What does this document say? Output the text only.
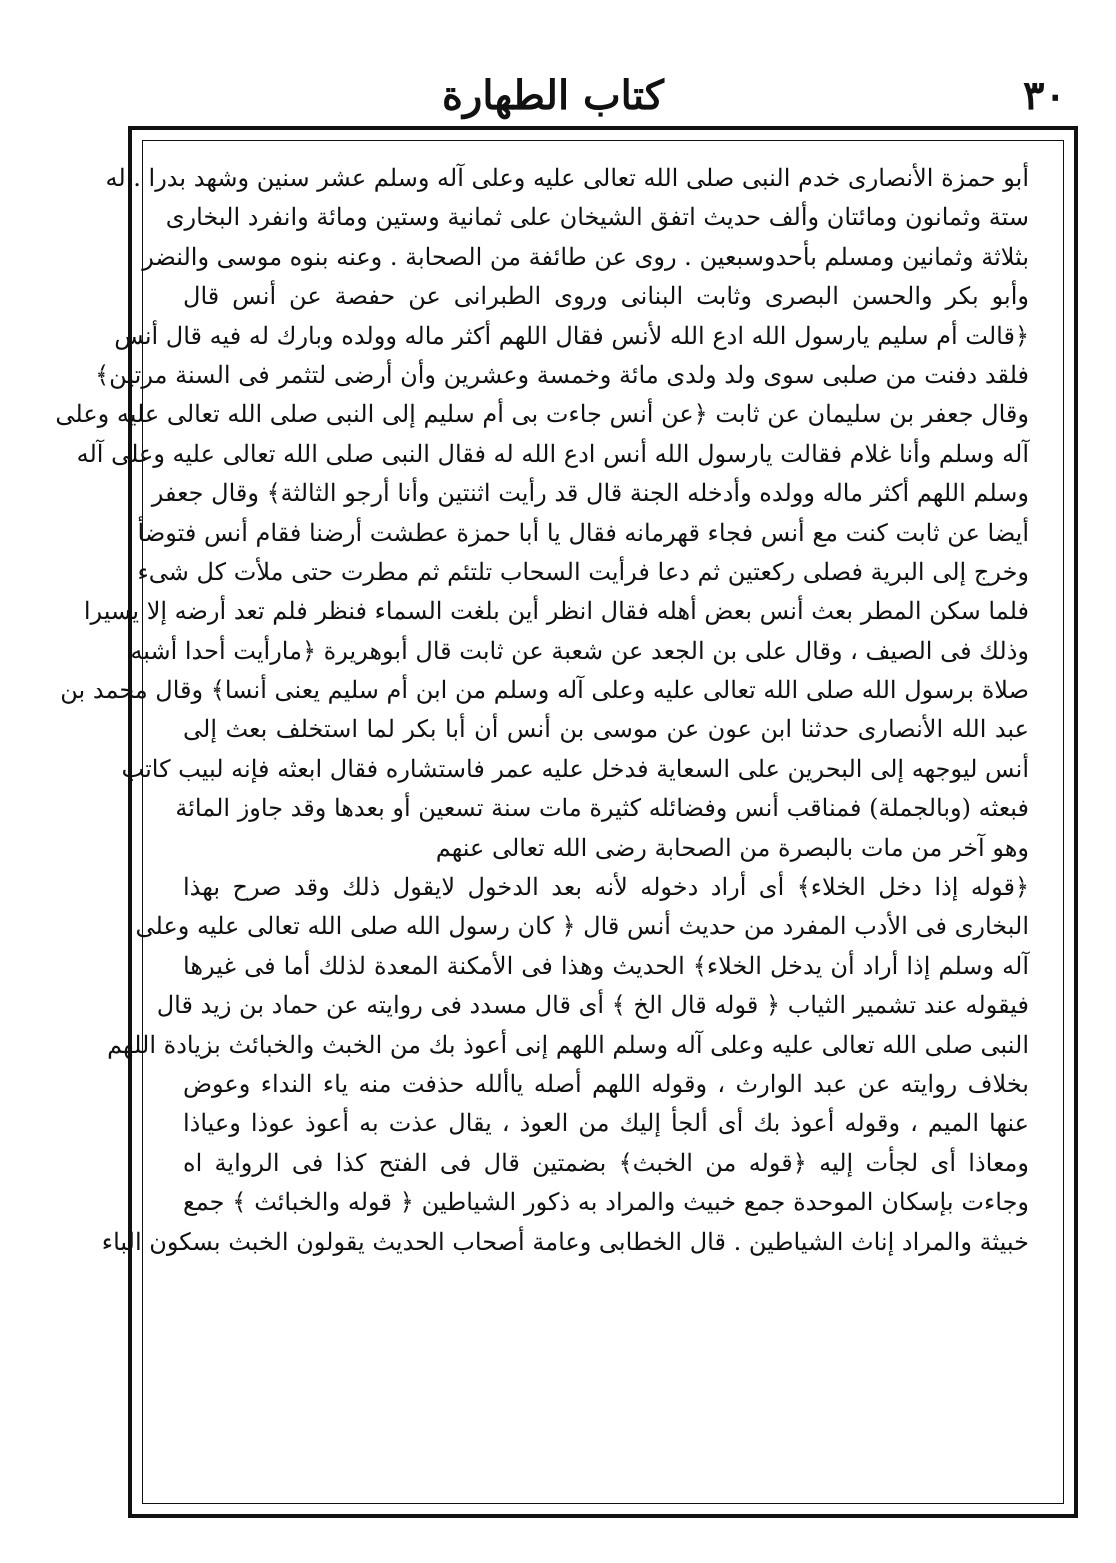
٣٠
كتاب الطهارة
أبو حمزة الأنصارى خدم النبى صلى الله تعالى عليه وعلى آله وسلم عشر سنين وشهد بدرا . له
ستة وثمانون ومائتان وألف حديث اتفق الشيخان على ثمانية وستين ومائة وانفرد البخارى
بثلاثة وثمانين ومسلم بأحدوسبعين . روى عن طائفة من الصحابة . وعنه بنوه موسى والنضر
وأبو بكر والحسن البصرى وثابت البنانى وروى الطبرانى عن حفصة عن أنس قال
﴿قالت أم سليم يارسول الله ادع الله لأنس فقال اللهم أكثر ماله وولده وبارك له فيه قال أنس
فلقد دفنت من صلبى سوى ولد ولدى مائة وخمسة وعشرين وأن أرضى لتثمر فى السنة مرتين﴾
وقال جعفر بن سليمان عن ثابت ﴿عن أنس جاءت بى أم سليم إلى النبى صلى الله تعالى عليه وعلى
آله وسلم وأنا غلام فقالت يارسول الله أنس ادع الله له فقال النبى صلى الله تعالى عليه وعلى آله
وسلم اللهم أكثر ماله وولده وأدخله الجنة قال قد رأيت اثنتين وأنا أرجو الثالثة﴾ وقال جعفر
أيضا عن ثابت كنت مع أنس فجاء قهرمانه فقال يا أبا حمزة عطشت أرضنا فقام أنس فتوضأ
وخرج إلى البرية فصلى ركعتين ثم دعا فرأيت السحاب تلتئم ثم مطرت حتى ملأت كل شىء
فلما سكن المطر بعث أنس بعض أهله فقال انظر أين بلغت السماء فنظر فلم تعد أرضه إلا يسيرا
وذلك فى الصيف ، وقال على بن الجعد عن شعبة عن ثابت قال أبوهريرة ﴿مارأيت أحدا أشبه
صلاة برسول الله صلى الله تعالى عليه وعلى آله وسلم من ابن أم سليم يعنى أنسا﴾ وقال محمد بن
عبد الله الأنصارى حدثنا ابن عون عن موسى بن أنس أن أبا بكر لما استخلف بعث إلى
أنس ليوجهه إلى البحرين على السعاية فدخل عليه عمر فاستشاره فقال ابعثه فإنه لبيب كاتب
فبعثه (وبالجملة) فمناقب أنس وفضائله كثيرة مات سنة تسعين أو بعدها وقد جاوز المائة
وهو آخر من مات بالبصرة من الصحابة رضى الله تعالى عنهم
﴿قوله إذا دخل الخلاء﴾ أى أراد دخوله لأنه بعد الدخول لايقول ذلك وقد صرح بهذا
البخارى فى الأدب المفرد من حديث أنس قال ﴿ كان رسول الله صلى الله تعالى عليه وعلى
آله وسلم إذا أراد أن يدخل الخلاء﴾ الحديث وهذا فى الأمكنة المعدة لذلك أما فى غيرها
فيقوله عند تشمير الثياب ﴿ قوله قال الخ ﴾ أى قال مسدد فى روايته عن حماد بن زيد قال
النبى صلى الله تعالى عليه وعلى آله وسلم اللهم إنى أعوذ بك من الخبث والخبائث بزيادة اللهم
بخلاف روايته عن عبد الوارث ، وقوله اللهم أصله ياألله حذفت منه ياء النداء وعوض
عنها الميم ، وقوله أعوذ بك أى ألجأ إليك من العوذ ، يقال عذت به أعوذ عوذا وعياذا
ومعاذا أى لجأت إليه ﴿قوله من الخبث﴾ بضمتين قال فى الفتح كذا فى الرواية اه
وجاءت بإسكان الموحدة جمع خبيث والمراد به ذكور الشياطين ﴿ قوله والخبائث ﴾ جمع
خبيثة والمراد إناث الشياطين . قال الخطابى وعامة أصحاب الحديث يقولون الخبث بسكون الباء
